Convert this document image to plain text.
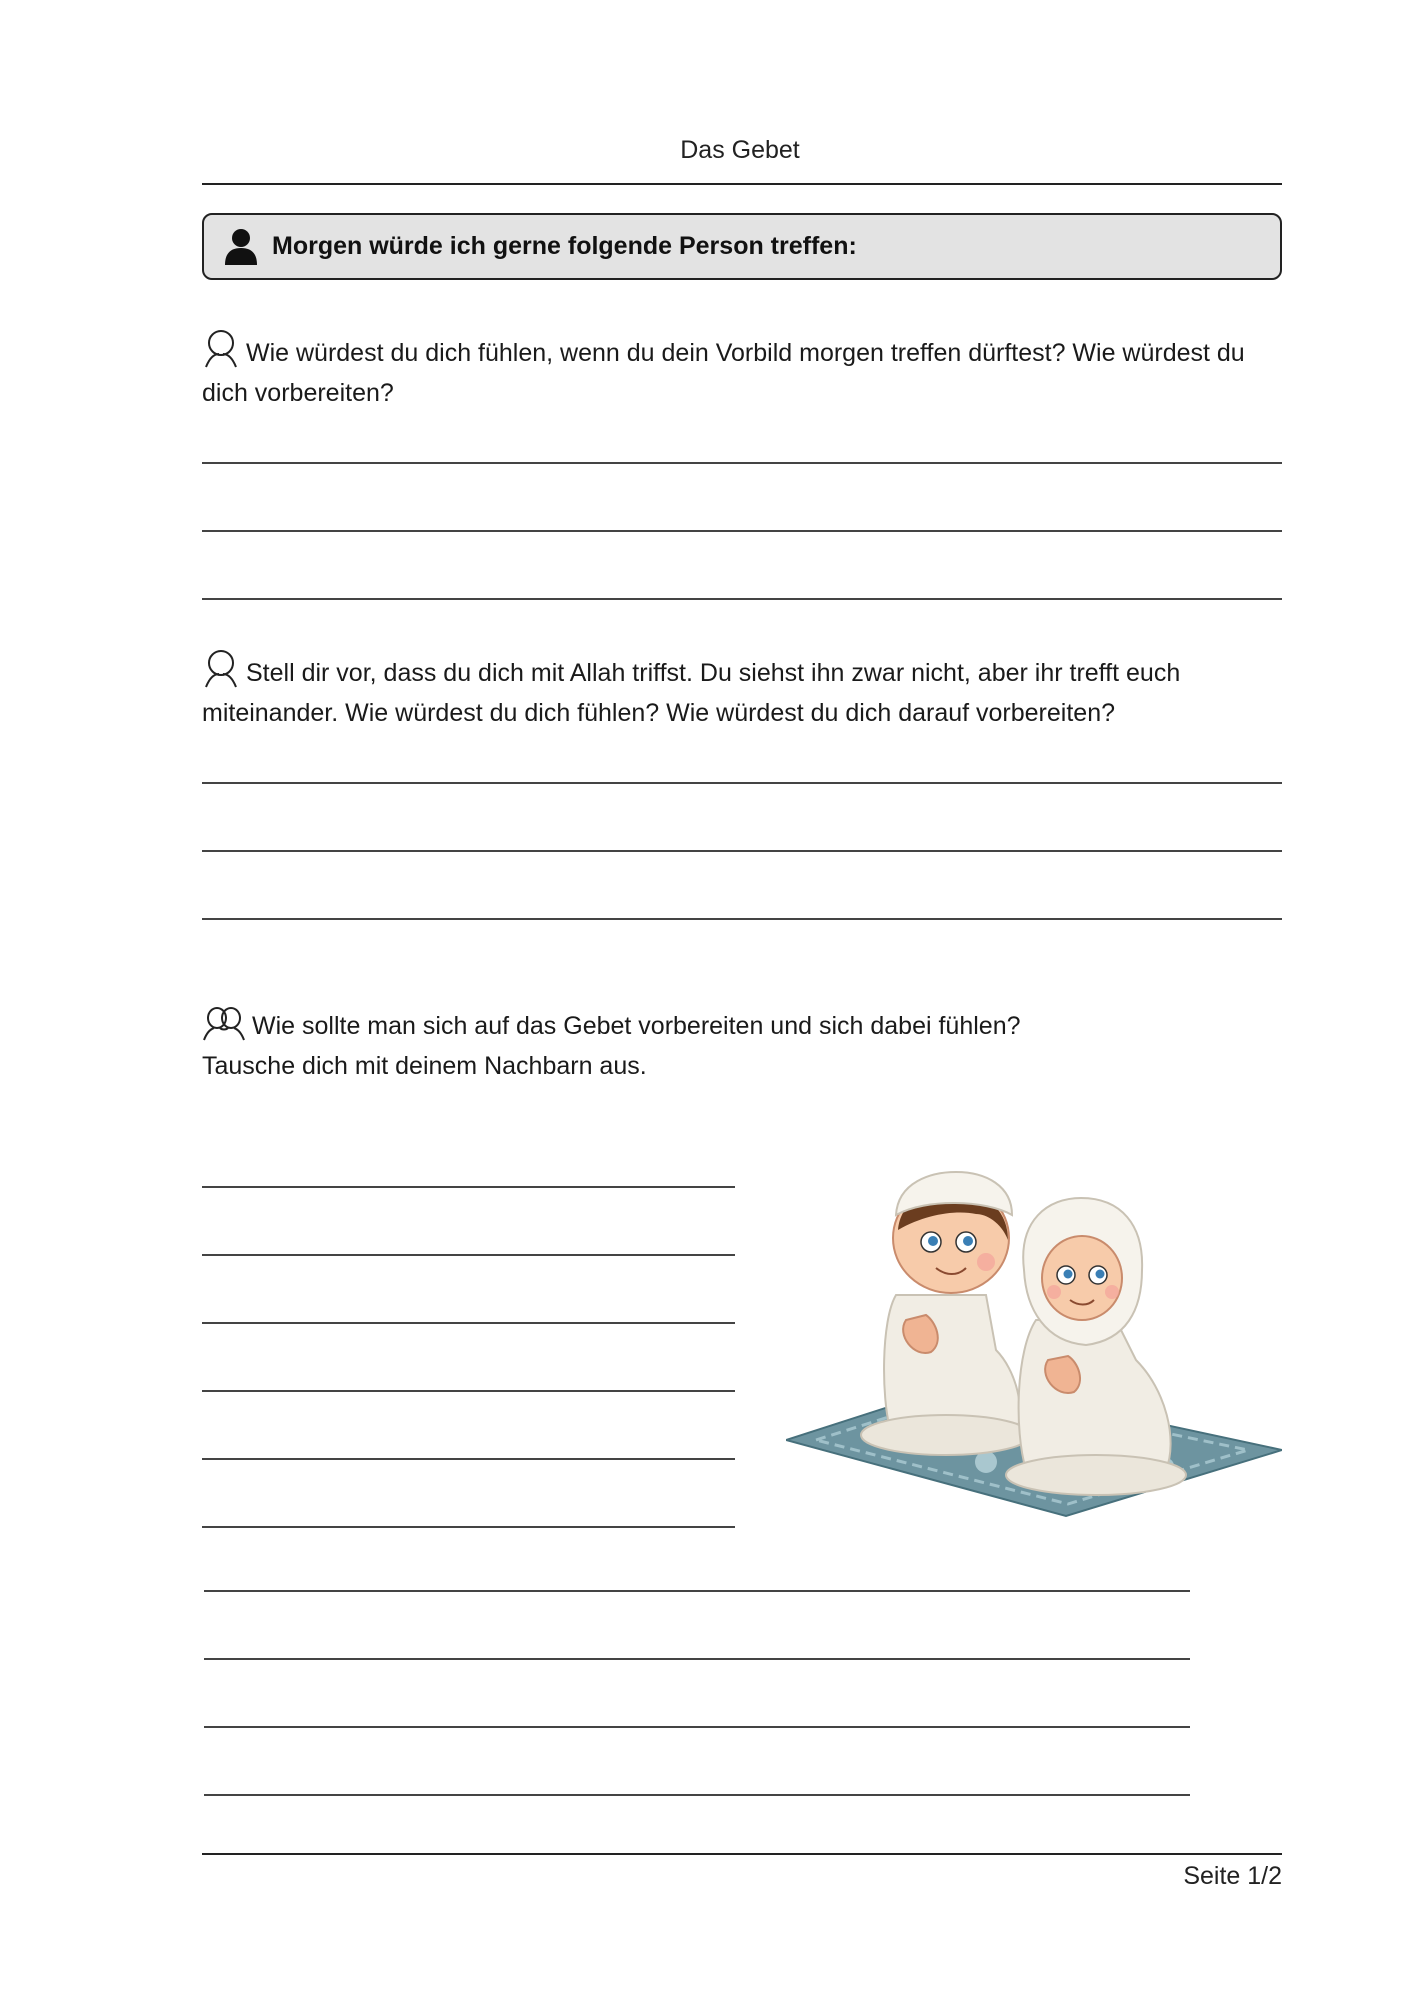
Das Gebet
Morgen würde ich gerne folgende Person treffen:
Wie würdest du dich fühlen, wenn du dein Vorbild morgen treffen dürftest? Wie würdest du dich vorbereiten?
Stell dir vor, dass du dich mit Allah triffst. Du siehst ihn zwar nicht, aber ihr trefft euch miteinander. Wie würdest du dich fühlen? Wie würdest du dich darauf vorbereiten?
Wie sollte man sich auf das Gebet vorbereiten und sich dabei fühlen?
Tausche dich mit deinem Nachbarn aus.
Seite 1/2
